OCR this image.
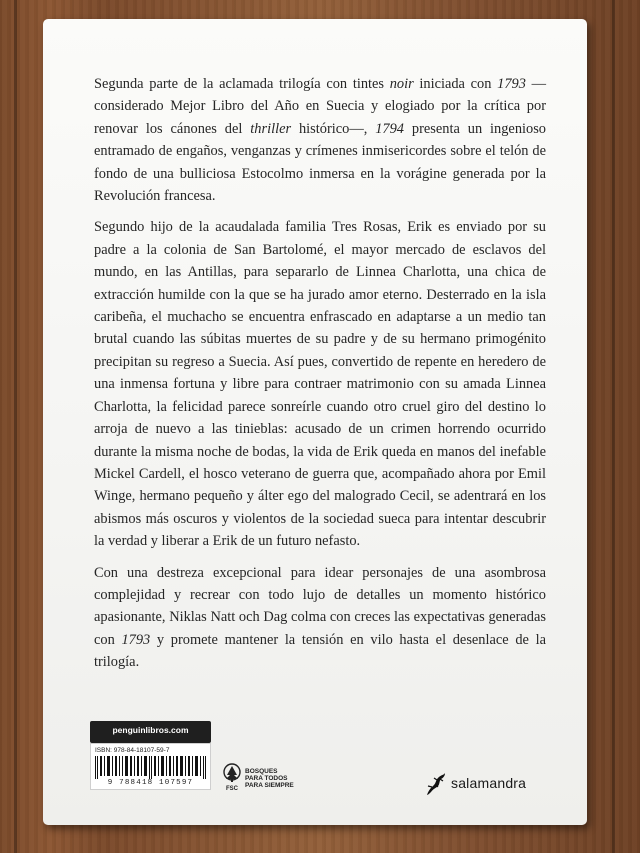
Segunda parte de la aclamada trilogía con tintes noir iniciada con 1793 —considerado Mejor Libro del Año en Suecia y elogiado por la crítica por renovar los cánones del thriller histórico—, 1794 presenta un ingenioso entramado de engaños, venganzas y crímenes inmisericordes sobre el telón de fondo de una bulliciosa Estocolmo inmersa en la vorágine generada por la Revolución francesa.

Segundo hijo de la acaudalada familia Tres Rosas, Erik es enviado por su padre a la colonia de San Bartolomé, el mayor mercado de esclavos del mundo, en las Antillas, para separarlo de Linnea Charlotta, una chica de extracción humilde con la que se ha jurado amor eterno. Desterrado en la isla caribeña, el muchacho se encuentra enfrascado en adaptarse a un medio tan brutal cuando las súbitas muertes de su padre y de su hermano primogénito precipitan su regreso a Suecia. Así pues, convertido de repente en heredero de una inmensa fortuna y libre para contraer matrimonio con su amada Linnea Charlotta, la felicidad parece sonreírle cuando otro cruel giro del destino lo arroja de nuevo a las tinieblas: acusado de un crimen horrendo ocurrido durante la misma noche de bodas, la vida de Erik queda en manos del inefable Mickel Cardell, el hosco veterano de guerra que, acompañado ahora por Emil Winge, hermano pequeño y álter ego del malogrado Cecil, se adentrará en los abismos más oscuros y violentos de la sociedad sueca para intentar descubrir la verdad y liberar a Erik de un futuro nefasto.

Con una destreza excepcional para idear personajes de una asombrosa complejidad y recrear con todo lujo de detalles un momento histórico apasionante, Niklas Natt och Dag colma con creces las expectativas generadas con 1793 y promete mantener la tensión en vilo hasta el desenlace de la trilogía.

penguinlibros.com
ISBN: 978-84-18107-59-7
9 788418 107597
FSC
BOSQUES
PARA TODOS
PARA SIEMPRE	salamandra
